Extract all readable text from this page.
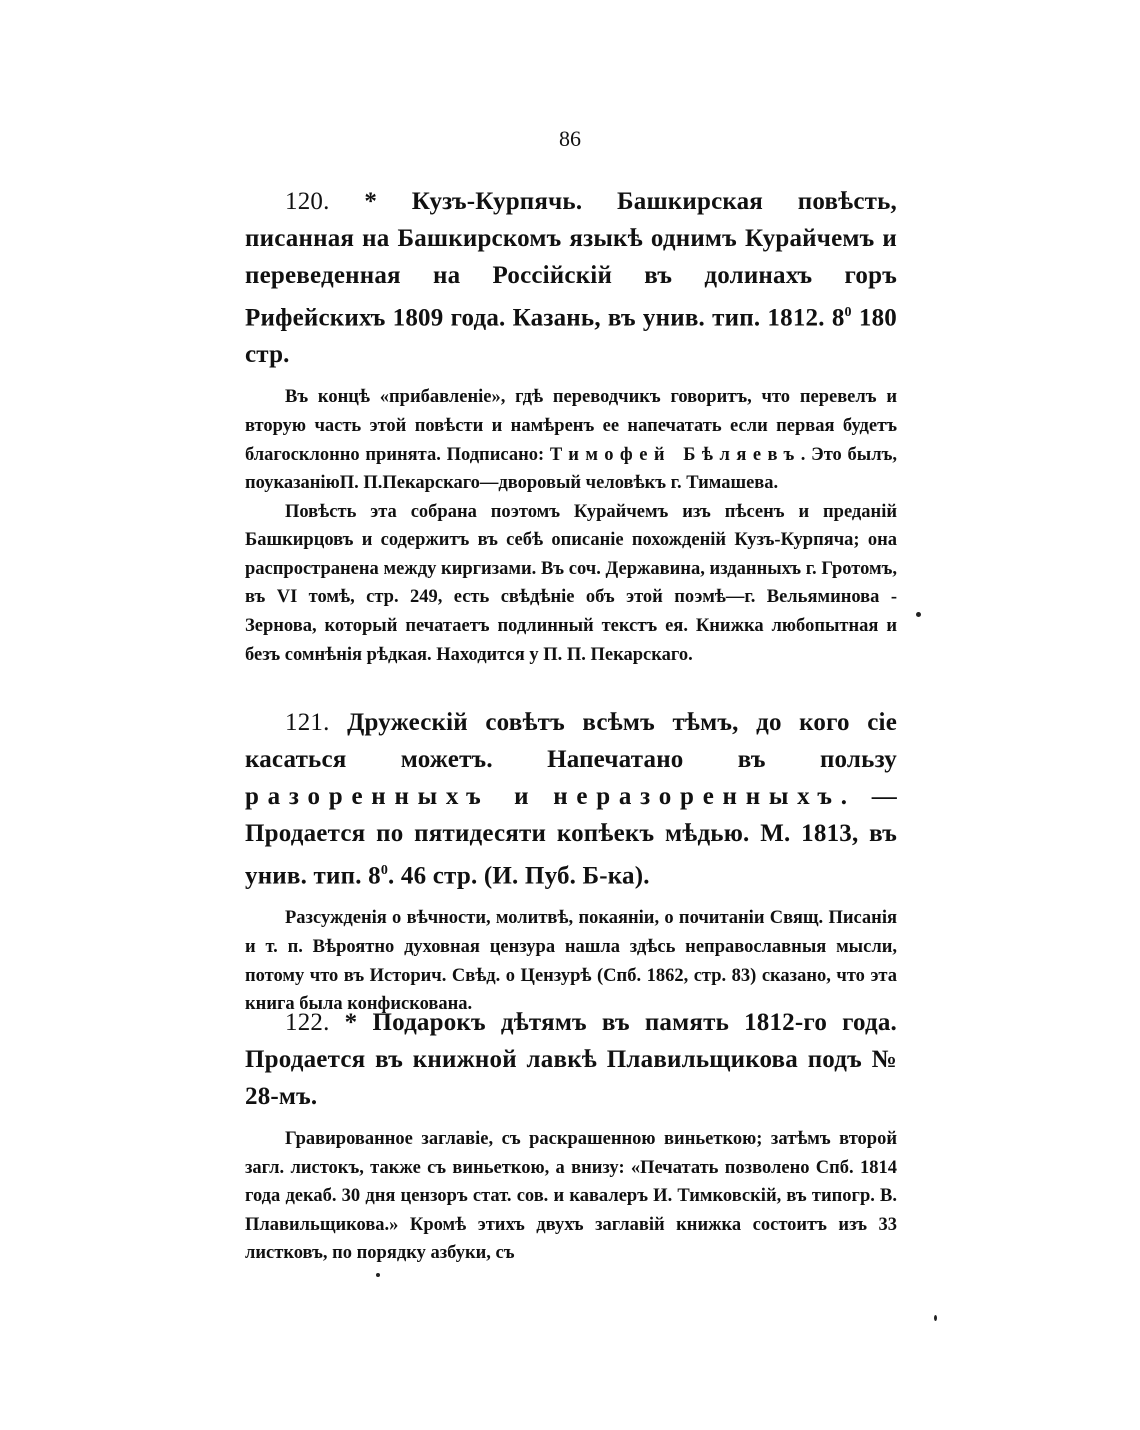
86

120. * Кузъ-Курпячь. Башкирская повѣсть, писанная на Башкирскомъ языкѣ однимъ Курайчемъ и переведенная на Россійскій въ долинахъ горъ Рифейскихъ 1809 года. Казань, въ унив. тип. 1812. $8^0$ 180 стр.

Въ концѣ «прибавленіе», гдѣ переводчикъ говоритъ, что перевелъ и вторую часть этой повѣсти и намѣренъ ее напечатать если первая будетъ благосклонно принята. Подписано: Тимофей Бѣляевъ. Это былъ, поуказаніюП. П.Пекарскаго—дворовый человѣкъ г. Тимашева.

Повѣсть эта собрана поэтомъ Курайчемъ изъ пѣсенъ и преданій Башкирцовъ и содержитъ въ себѣ описаніе похожденій Кузъ-Курпяча; она распространена между киргизами. Въ соч. Державина, изданныхъ г. Гротомъ, въ VI томѣ, стр. 249, есть свѣдѣніе объ этой поэмѣ—г. Вельяминова - Зернова, который печатаетъ подлинный текстъ ея. Книжка любопытная и безъ сомнѣнія рѣдкая. Находится у П. П. Пекарскаго.

121. Дружескій совѣтъ всѣмъ тѣмъ, до кого сіе касаться можетъ. Напечатано въ пользу разоренныхъ и неразоренныхъ. — Продается по пятидесяти копѣекъ мѣдью. М. 1813, въ унив. тип. $8^0$. 46 стр. (И. Пуб. Б-ка).

Разсужденія о вѣчности, молитвѣ, покаяніи, о почитаніи Свящ. Писанія и т. п. Вѣроятно духовная цензура нашла здѣсь неправославныя мысли, потому что въ Историч. Свѣд. о Цензурѣ (Спб. 1862, стр. 83) сказано, что эта книга была конфискована.

122. * Подарокъ дѣтямъ въ память 1812-го года. Продается въ книжной лавкѣ Плавильщикова подъ № 28-мъ.

Гравированное заглавіе, съ раскрашенною виньеткою; затѣмъ второй загл. листокъ, также съ виньеткою, а внизу: «Печатать позволено Спб. 1814 года декаб. 30 дня цензоръ стат. сов. и кавалеръ И. Тимковскій, въ типогр. В. Плавильщикова.» Кромѣ этихъ двухъ заглавій книжка состоитъ изъ 33 листковъ, по порядку азбуки, съ
